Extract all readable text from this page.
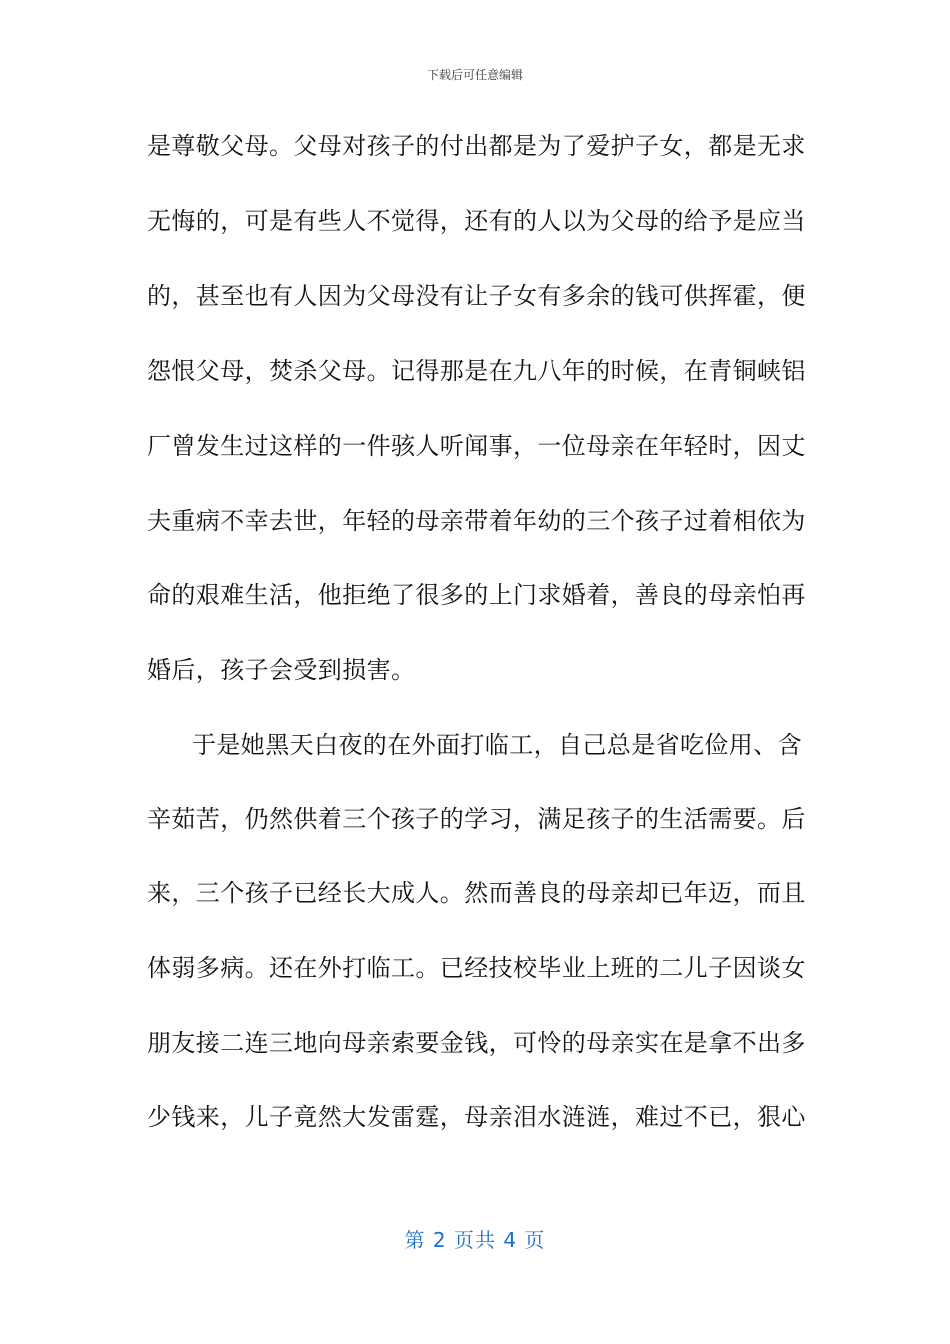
下载后可任意编辑
是尊敬父母。父母对孩子的付出都是为了爱护子女，都是无求
无悔的，可是有些人不觉得，还有的人以为父母的给予是应当
的，甚至也有人因为父母没有让子女有多余的钱可供挥霍，便
怨恨父母，焚杀父母。记得那是在九八年的时候，在青铜峡铝
厂曾发生过这样的一件骇人听闻事，一位母亲在年轻时，因丈
夫重病不幸去世，年轻的母亲带着年幼的三个孩子过着相依为
命的艰难生活，他拒绝了很多的上门求婚着，善良的母亲怕再
婚后，孩子会受到损害。
于是她黑天白夜的在外面打临工，自己总是省吃俭用、含
辛茹苦，仍然供着三个孩子的学习，满足孩子的生活需要。后
来，三个孩子已经长大成人。然而善良的母亲却已年迈，而且
体弱多病。还在外打临工。已经技校毕业上班的二儿子因谈女
朋友接二连三地向母亲索要金钱，可怜的母亲实在是拿不出多
少钱来，儿子竟然大发雷霆，母亲泪水涟涟，难过不已，狠心
第 2 页共 4 页
